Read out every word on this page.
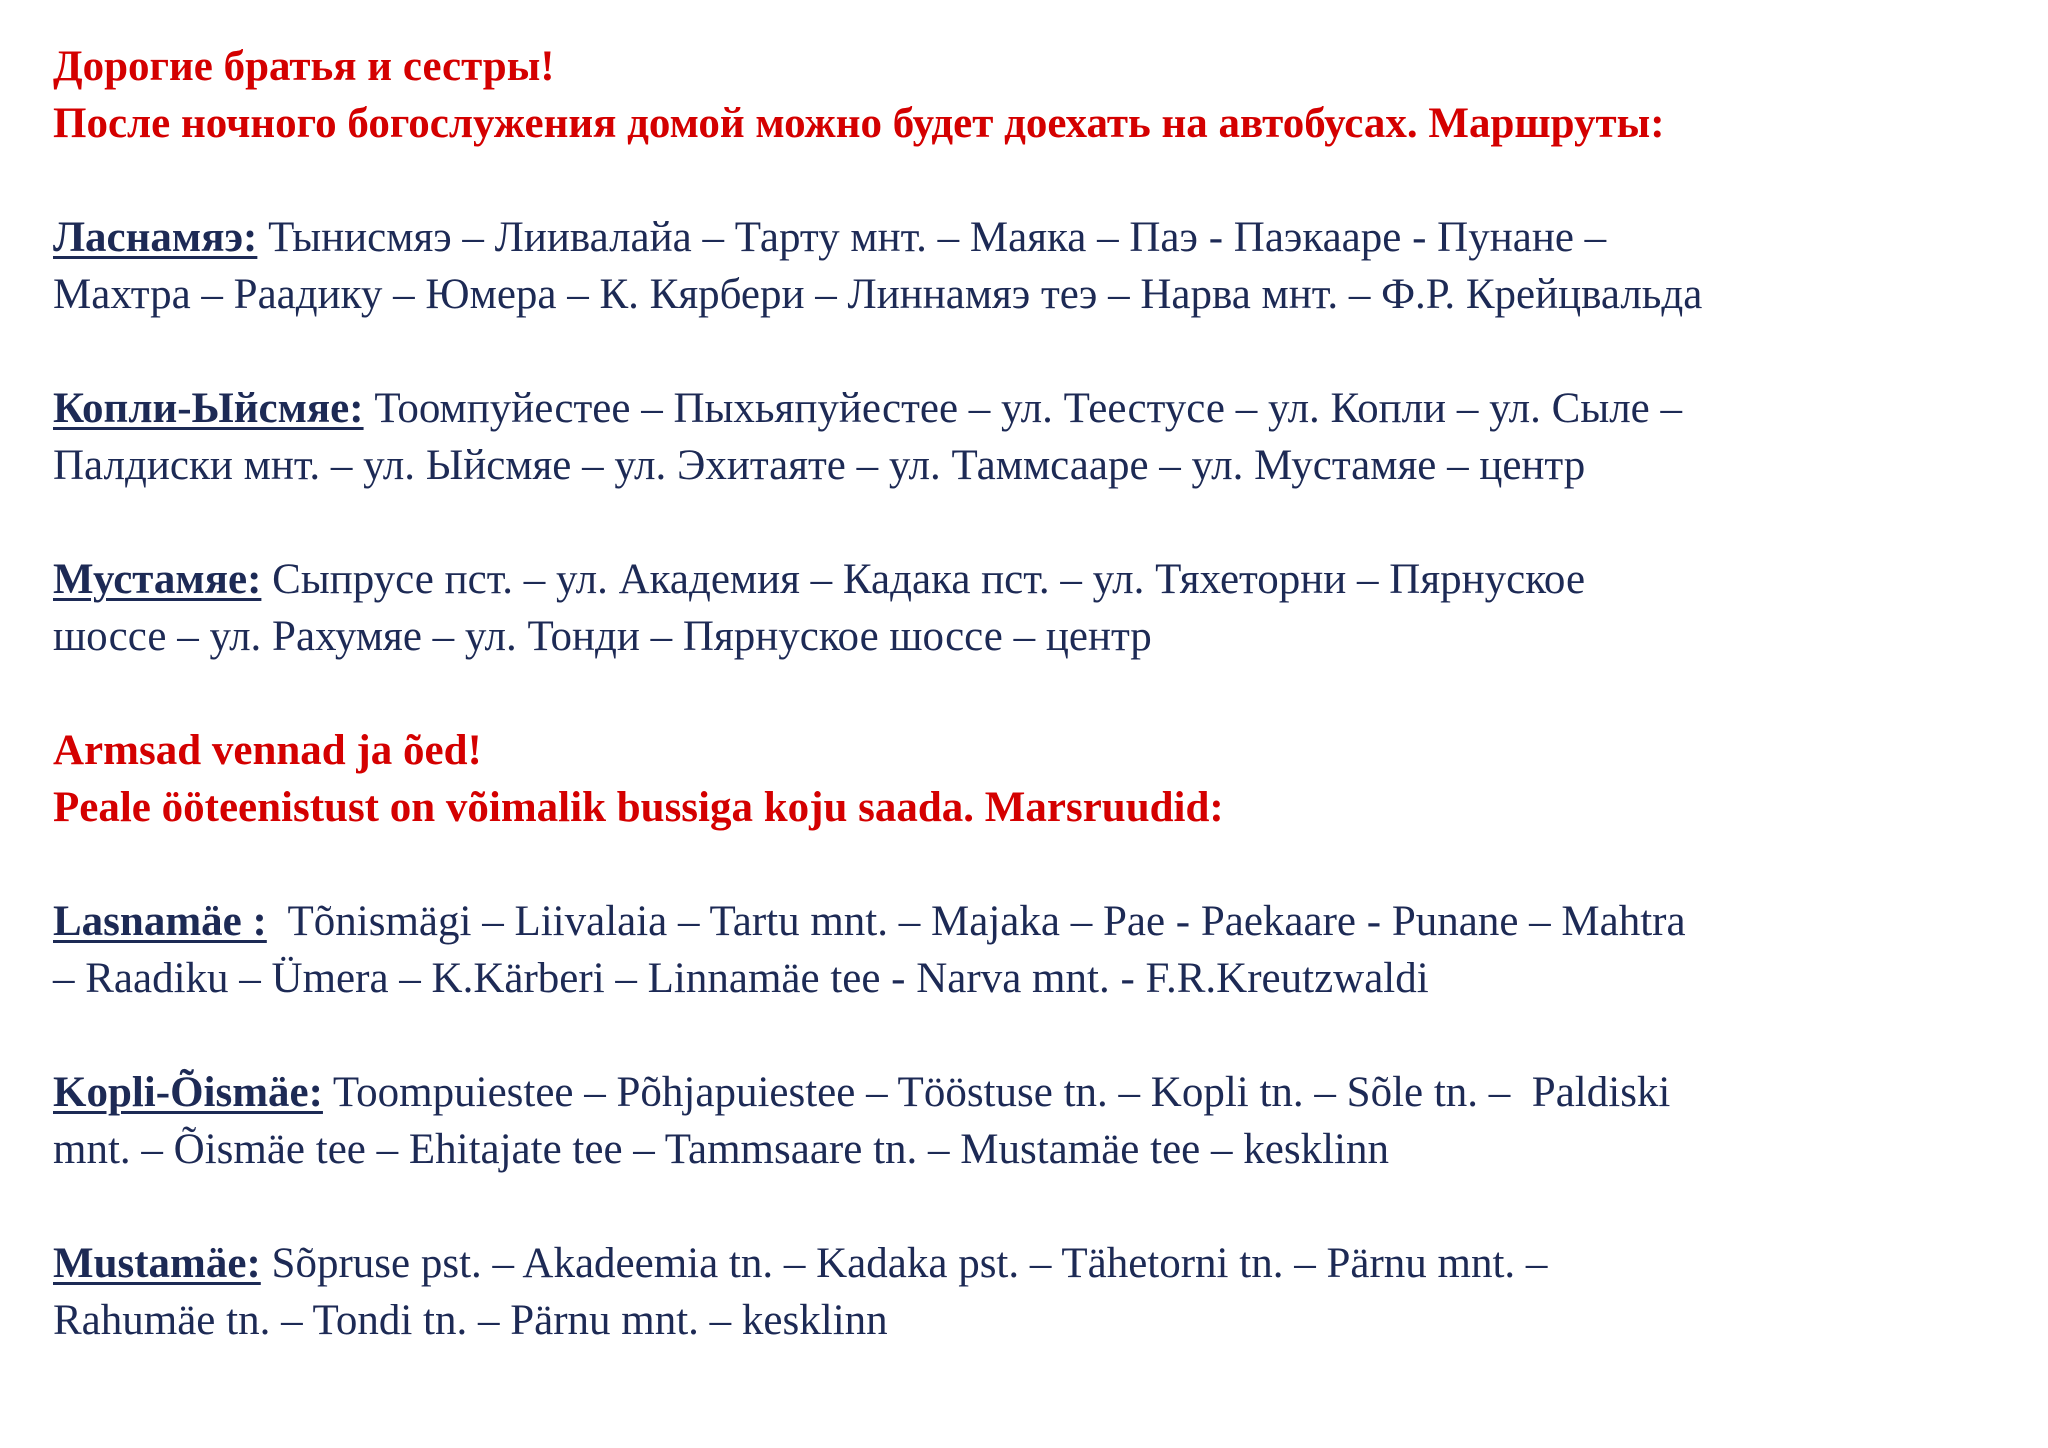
Дорогие братья и сестры!
После ночного богослужения домой можно будет доехать на автобусах. Маршруты:
Ласнамяэ: Тынисмяэ – Лиивалайа – Тарту мнт. – Маяка – Паэ - Паэкааре - Пунане –
Махтра – Раадику – Юмера – К. Кярбери – Линнамяэ теэ – Нарва мнт. – Ф.Р. Крейцвальда
Копли-Ыйсмяе: Тоомпуйестее – Пыхьяпуйестее – ул. Теестусе – ул. Копли – ул. Сыле –
Палдиски мнт. – ул. Ыйсмяе – ул. Эхитаяте – ул. Таммсааре – ул. Мустамяе – центр
Мустамяе: Сыпрусе пст. – ул. Академия – Кадака пст. – ул. Тяхеторни – Пярнуское
шоссе – ул. Рахумяе – ул. Тонди – Пярнуское шоссе – центр
Armsad vennad ja õed!
Peale ööteenistust on võimalik bussiga koju saada. Marsruudid:
Lasnamäe :  Tõnismägi – Liivalaia – Tartu mnt. – Majaka – Pae - Paekaare - Punane – Mahtra
– Raadiku – Ümera – K.Kärberi – Linnamäe tee - Narva mnt. - F.R.Kreutzwaldi
Kopli-Õismäe: Toompuiestee – Põhjapuiestee – Tööstuse tn. – Kopli tn. – Sõle tn. –  Paldiski
mnt. – Õismäe tee – Ehitajate tee – Tammsaare tn. – Mustamäe tee – kesklinn
Mustamäe: Sõpruse pst. – Akadeemia tn. – Kadaka pst. – Tähetorni tn. – Pärnu mnt. –
Rahumäe tn. – Tondi tn. – Pärnu mnt. – kesklinn
